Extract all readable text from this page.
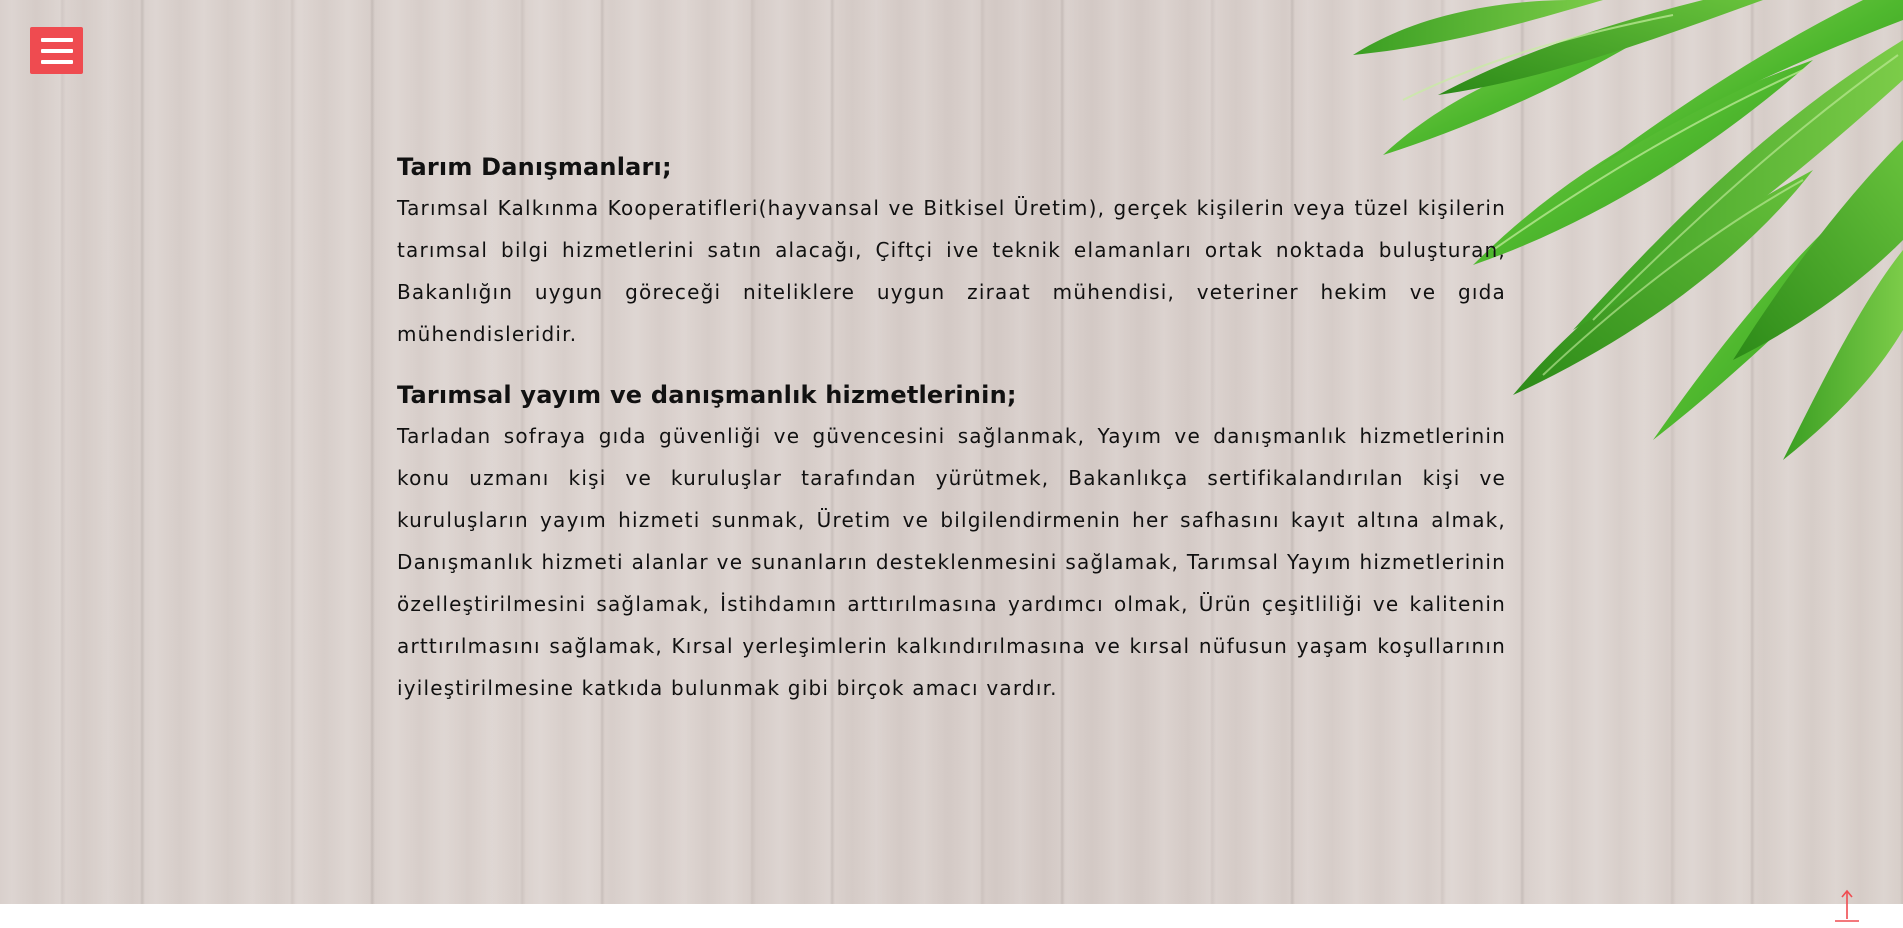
Tarım Danışmanları;

Tarımsal Kalkınma Kooperatifleri(hayvansal ve Bitkisel Üretim), gerçek kişilerin veya tüzel kişilerin tarımsal bilgi hizmetlerini satın alacağı, Çiftçi ive teknik elamanları ortak noktada buluşturan, Bakanlığın uygun göreceği niteliklere uygun ziraat mühendisi, veteriner hekim ve gıda mühendisleridir.

Tarımsal yayım ve danışmanlık hizmetlerinin;

Tarladan sofraya gıda güvenliği ve güvencesini sağlanmak, Yayım ve danışmanlık hizmetlerinin konu uzmanı kişi ve kuruluşlar tarafından yürütmek, Bakanlıkça sertifikalandırılan kişi ve kuruluşların yayım hizmeti sunmak, Üretim ve bilgilendirmenin her safhasını kayıt altına almak, Danışmanlık hizmeti alanlar ve sunanların desteklenmesini sağlamak, Tarımsal Yayım hizmetlerinin özelleştirilmesini sağlamak, İstihdamın arttırılmasına yardımcı olmak, Ürün çeşitliliği ve kalitenin arttırılmasını sağlamak, Kırsal yerleşimlerin kalkındırılmasına ve kırsal nüfusun yaşam koşullarının iyileştirilmesine katkıda bulunmak gibi birçok amacı vardır.
